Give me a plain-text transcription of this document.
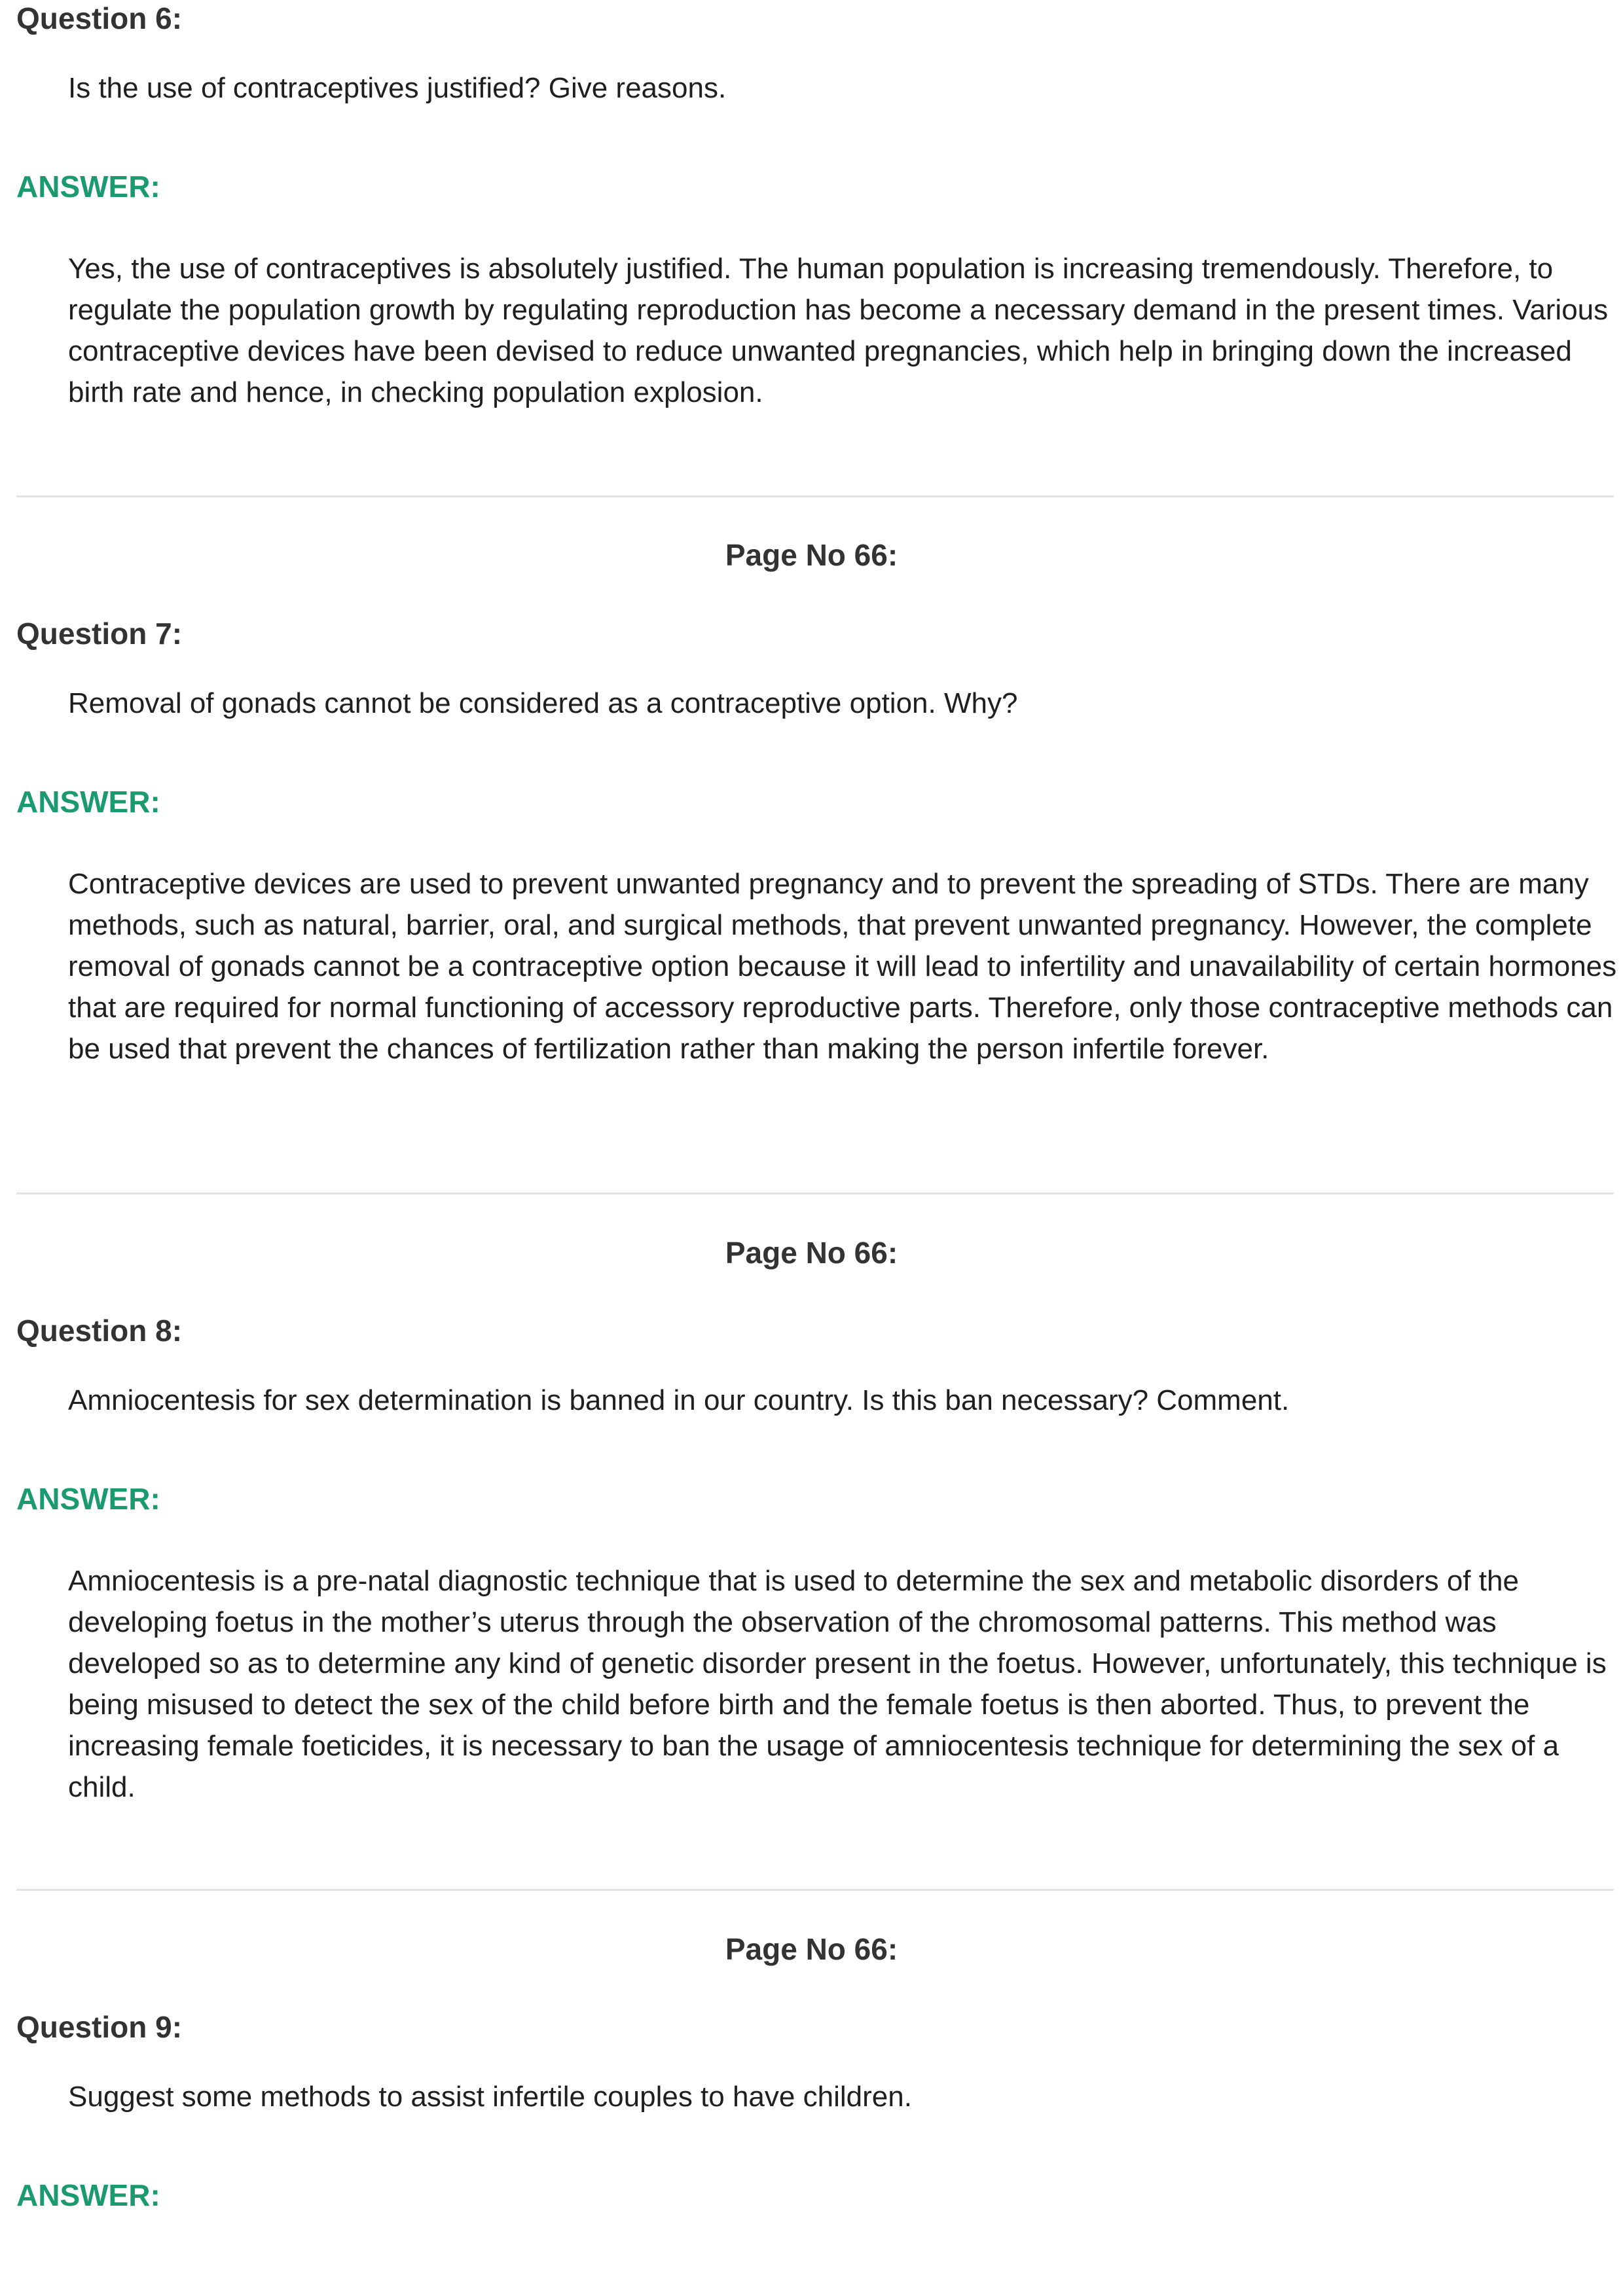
Question 6:
Is the use of contraceptives justified? Give reasons.
ANSWER:
Yes, the use of contraceptives is absolutely justified. The human population is increasing tremendously. Therefore, to regulate the population growth by regulating reproduction has become a necessary demand in the present times. Various contraceptive devices have been devised to reduce unwanted pregnancies, which help in bringing down the increased birth rate and hence, in checking population explosion.
Page No 66:
Question 7:
Removal of gonads cannot be considered as a contraceptive option. Why?
ANSWER:
Contraceptive devices are used to prevent unwanted pregnancy and to prevent the spreading of STDs. There are many methods, such as natural, barrier, oral, and surgical methods, that prevent unwanted pregnancy. However, the complete removal of gonads cannot be a contraceptive option because it will lead to infertility and unavailability of certain hormones that are required for normal functioning of accessory reproductive parts. Therefore, only those contraceptive methods can be used that prevent the chances of fertilization rather than making the person infertile forever.
Page No 66:
Question 8:
Amniocentesis for sex determination is banned in our country. Is this ban necessary? Comment.
ANSWER:
Amniocentesis is a pre-natal diagnostic technique that is used to determine the sex and metabolic disorders of the developing foetus in the mother’s uterus through the observation of the chromosomal patterns. This method was developed so as to determine any kind of genetic disorder present in the foetus. However, unfortunately, this technique is being misused to detect the sex of the child before birth and the female foetus is then aborted. Thus, to prevent the increasing female foeticides, it is necessary to ban the usage of amniocentesis technique for determining the sex of a child.
Page No 66:
Question 9:
Suggest some methods to assist infertile couples to have children.
ANSWER:
